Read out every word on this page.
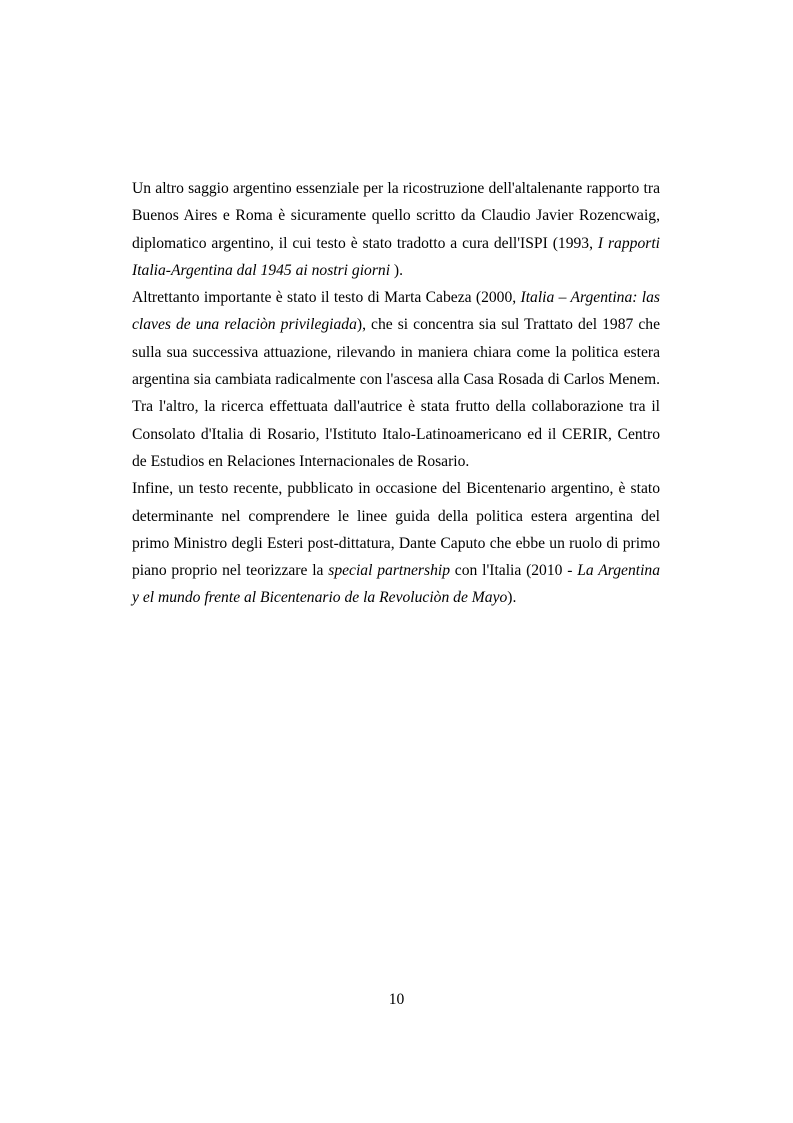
Un altro saggio argentino essenziale per la ricostruzione dell'altalenante rapporto tra Buenos Aires e Roma è sicuramente quello scritto da Claudio Javier Rozencwaig, diplomatico argentino, il cui testo è stato tradotto a cura dell'ISPI (1993, I rapporti Italia-Argentina dal 1945 ai nostri giorni ).

Altrettanto importante è stato il testo di Marta Cabeza (2000, Italia – Argentina: las claves de una relaciòn privilegiada), che si concentra sia sul Trattato del 1987 che sulla sua successiva attuazione, rilevando in maniera chiara come la politica estera argentina sia cambiata radicalmente con l'ascesa alla Casa Rosada di Carlos Menem. Tra l'altro, la ricerca effettuata dall'autrice è stata frutto della collaborazione tra il Consolato d'Italia di Rosario, l'Istituto Italo-Latinoamericano ed il CERIR, Centro de Estudios en Relaciones Internacionales de Rosario.

Infine, un testo recente, pubblicato in occasione del Bicentenario argentino, è stato determinante nel comprendere le linee guida della politica estera argentina del primo Ministro degli Esteri post-dittatura, Dante Caputo che ebbe un ruolo di primo piano proprio nel teorizzare la special partnership con l'Italia (2010 - La Argentina y el mundo frente al Bicentenario de la Revoluciòn de Mayo).

10
